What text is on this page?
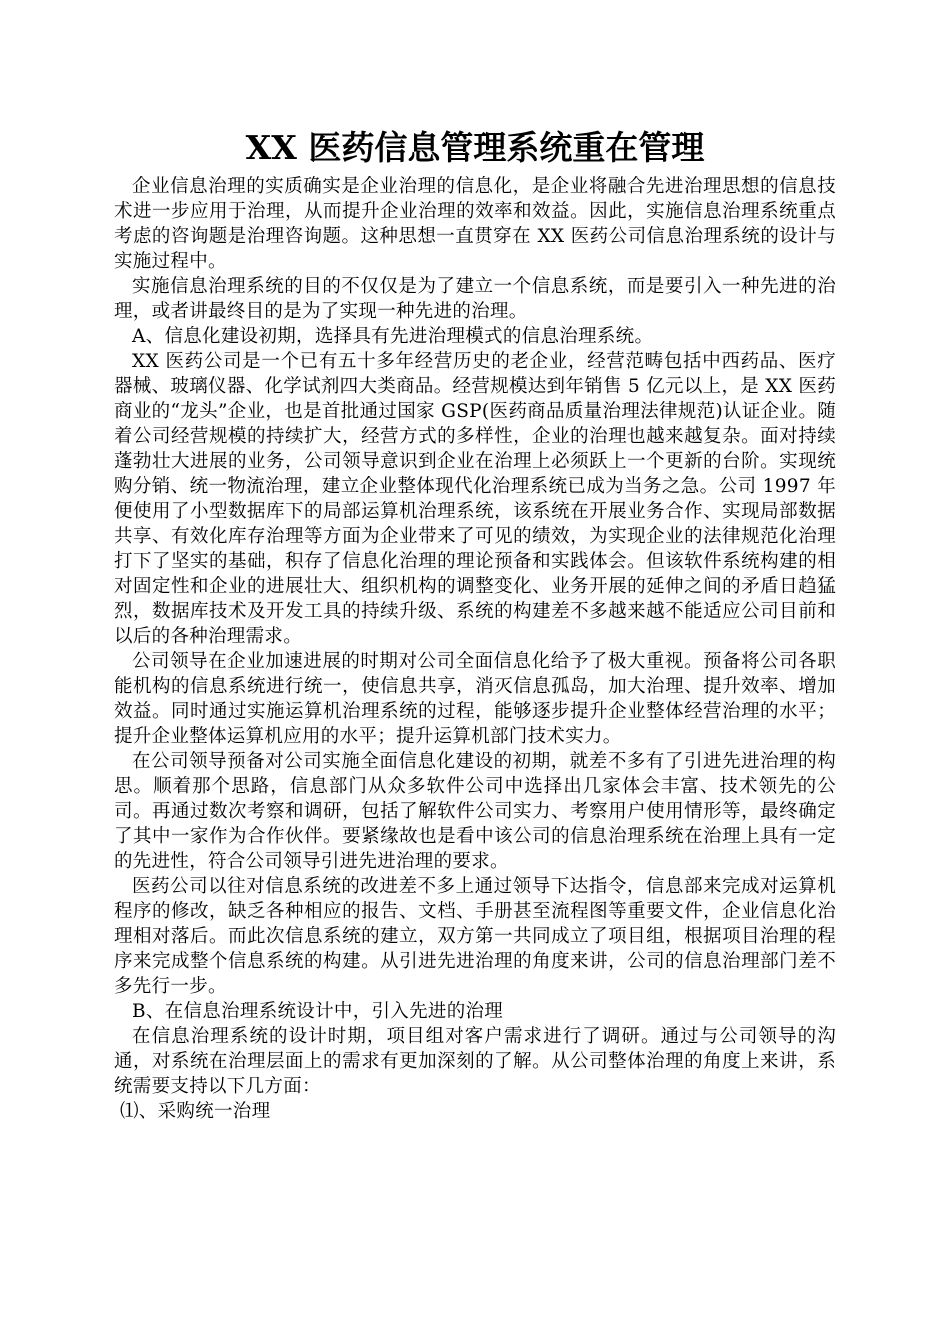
XX 医药信息管理系统重在管理

企业信息治理的实质确实是企业治理的信息化，是企业将融合先进治理思想的信息技术进一步应用于治理，从而提升企业治理的效率和效益。因此，实施信息治理系统重点考虑的咨询题是治理咨询题。这种思想一直贯穿在 XX 医药公司信息治理系统的设计与实施过程中。

实施信息治理系统的目的不仅仅是为了建立一个信息系统，而是要引入一种先进的治理，或者讲最终目的是为了实现一种先进的治理。

A、信息化建设初期，选择具有先进治理模式的信息治理系统。

XX 医药公司是一个已有五十多年经营历史的老企业，经营范畴包括中西药品、医疗器械、玻璃仪器、化学试剂四大类商品。经营规模达到年销售 5 亿元以上，是 XX 医药商业的“龙头”企业，也是首批通过国家 GSP(医药商品质量治理法律规范)认证企业。随着公司经营规模的持续扩大，经营方式的多样性，企业的治理也越来越复杂。面对持续蓬勃壮大进展的业务，公司领导意识到企业在治理上必须跃上一个更新的台阶。实现统购分销、统一物流治理，建立企业整体现代化治理系统已成为当务之急。公司 1997 年便使用了小型数据库下的局部运算机治理系统，该系统在开展业务合作、实现局部数据共享、有效化库存治理等方面为企业带来了可见的绩效，为实现企业的法律规范化治理打下了坚实的基础，积存了信息化治理的理论预备和实践体会。但该软件系统构建的相对固定性和企业的进展壮大、组织机构的调整变化、业务开展的延伸之间的矛盾日趋猛烈，数据库技术及开发工具的持续升级、系统的构建差不多越来越不能适应公司目前和以后的各种治理需求。

公司领导在企业加速进展的时期对公司全面信息化给予了极大重视。预备将公司各职能机构的信息系统进行统一，使信息共享，消灭信息孤岛，加大治理、提升效率、增加效益。同时通过实施运算机治理系统的过程，能够逐步提升企业整体经营治理的水平；提升企业整体运算机应用的水平；提升运算机部门技术实力。

在公司领导预备对公司实施全面信息化建设的初期，就差不多有了引进先进治理的构思。顺着那个思路，信息部门从众多软件公司中选择出几家体会丰富、技术领先的公司。再通过数次考察和调研，包括了解软件公司实力、考察用户使用情形等，最终确定了其中一家作为合作伙伴。要紧缘故也是看中该公司的信息治理系统在治理上具有一定的先进性，符合公司领导引进先进治理的要求。

医药公司以往对信息系统的改进差不多上通过领导下达指令，信息部来完成对运算机程序的修改，缺乏各种相应的报告、文档、手册甚至流程图等重要文件，企业信息化治理相对落后。而此次信息系统的建立，双方第一共同成立了项目组，根据项目治理的程序来完成整个信息系统的构建。从引进先进治理的角度来讲，公司的信息治理部门差不多先行一步。

B、在信息治理系统设计中，引入先进的治理

在信息治理系统的设计时期，项目组对客户需求进行了调研。通过与公司领导的沟通，对系统在治理层面上的需求有更加深刻的了解。从公司整体治理的角度上来讲，系统需要支持以下几方面：

⑴、采购统一治理
